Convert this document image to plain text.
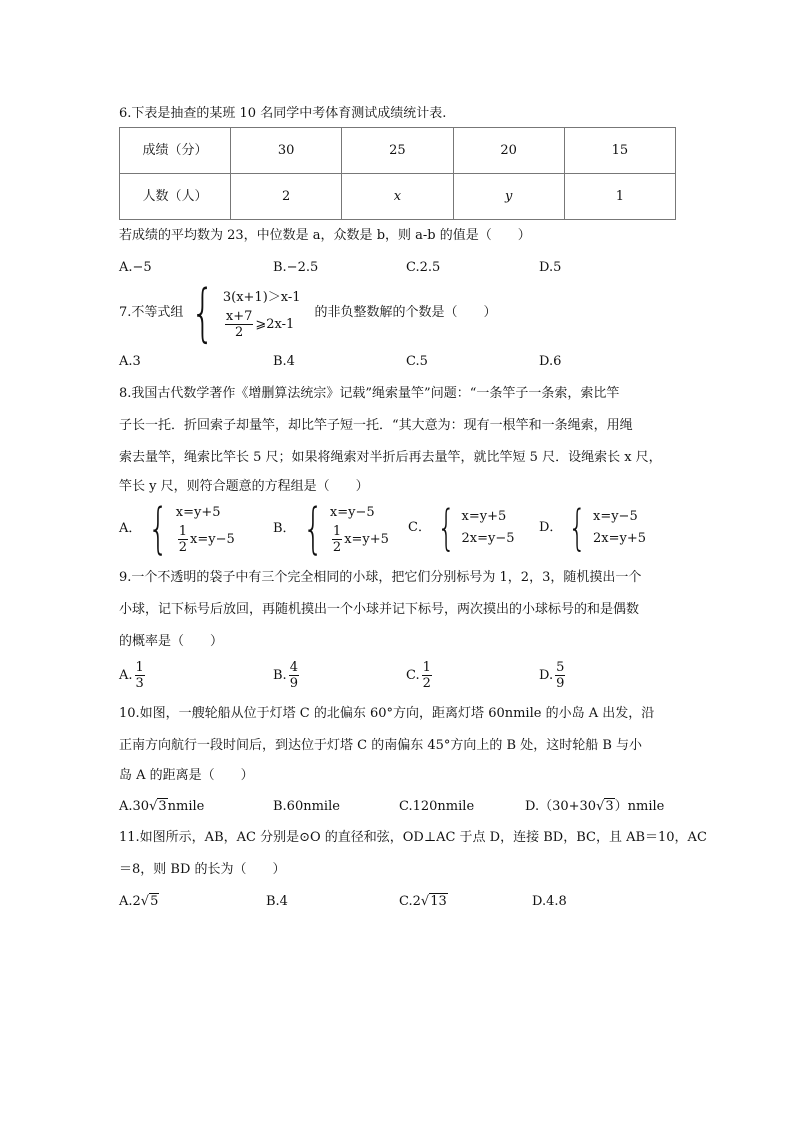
6.下表是抽查的某班 10 名同学中考体育测试成绩统计表.
成绩（分）	30	25	20	15
人数（人）	2	x	y	1
若成绩的平均数为 23，中位数是 a，众数是 b，则 a-b 的值是（　　）
A.−5	B.−2.5	C.2.5	D.5
7.不等式组 { 3(x+1)＞x-1
$\frac{x+7}{2}$ ⩾2x-1
的非负整数解的个数是（　　）
A.3	B.4	C.5	D.6
8.我国古代数学著作《增删算法统宗》记载”绳索量竿”问题：“一条竿子一条索，索比竿
子长一托．折回索子却量竿，却比竿子短一托．“其大意为：现有一根竿和一条绳索，用绳
索去量竿，绳索比竿长 5 尺；如果将绳索对半折后再去量竿，就比竿短 5 尺．设绳索长 x 尺，
竿长 y 尺，则符合题意的方程组是（　　）
A． { x=y+5
$\frac{1}{2} x=y-5$
B． { x=y−5
$\frac{1}{2} x=y+5$
C． { x=y+5
2x=y−5
D． { x=y−5
2x=y+5
9.一个不透明的袋子中有三个完全相同的小球，把它们分别标号为 1，2，3，随机摸出一个
小球，记下标号后放回，再随机摸出一个小球并记下标号，两次摸出的小球标号的和是偶数
的概率是（　　）
A. $\frac{1}{3}$	B. $\frac{4}{9}$	C. $\frac{1}{2}$	D. $\frac{5}{9}$
10.如图，一艘轮船从位于灯塔 C 的北偏东 60°方向，距离灯塔 60nmile 的小岛 A 出发，沿
正南方向航行一段时间后，到达位于灯塔 C 的南偏东 45°方向上的 B 处，这时轮船 B 与小
岛 A 的距离是（　　）
A.30√3nmile	B.60nmile	C.120nmile	D.（30+30√3）nmile
11.如图所示，AB，AC 分别是⊙O 的直径和弦，OD⊥AC 于点 D，连接 BD，BC，且 AB＝10，AC
＝8，则 BD 的长为（　　）
A.2√5	B.4	C.2√13	D.4.8
